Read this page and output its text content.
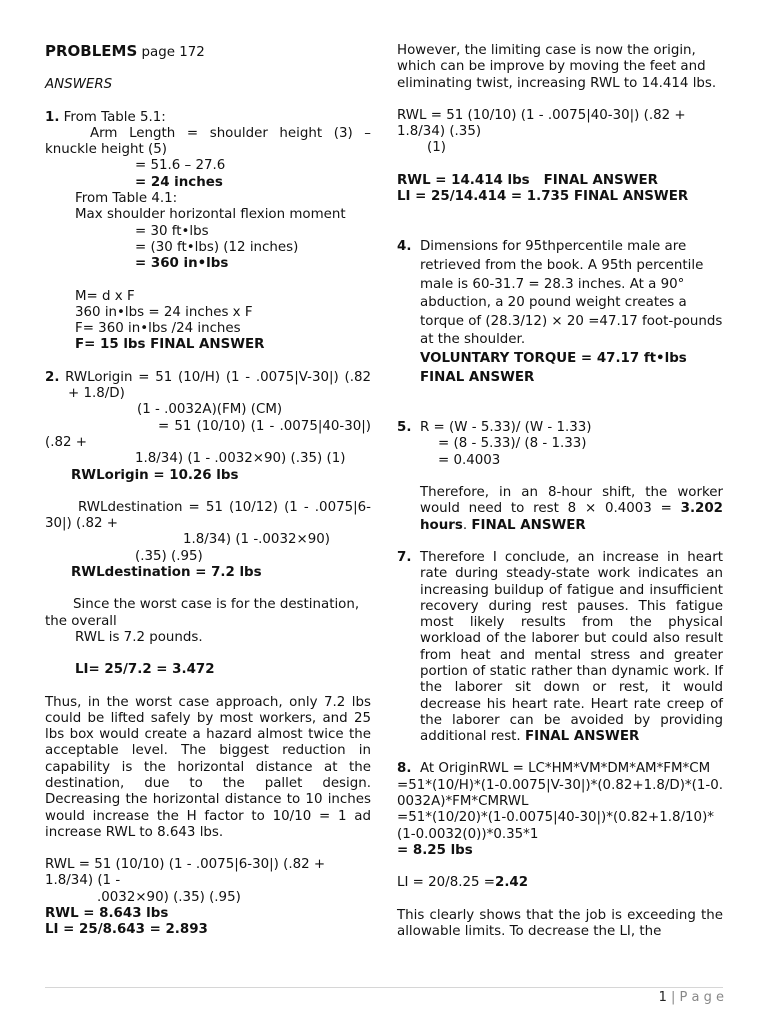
PROBLEMS page 172

ANSWERS

1. From Table 5.1:

Arm Length = shoulder height (3) – knuckle height (5)

= 51.6 – 27.6

= 24 inches

From Table 4.1:

Max shoulder horizontal flexion moment

= 30 ft•lbs

= (30 ft•lbs) (12 inches)

= 360 in•lbs

M= d x F

360 in•lbs = 24 inches x F

F= 360 in•lbs /24 inches

F= 15 lbs FINAL ANSWER

2. RWLorigin = 51 (10/H) (1 - .0075|V-30|) (.82 + 1.8/D)

(1 - .0032A)(FM) (CM)

= 51 (10/10) (1 - .0075|40-30|) (.82 +

1.8/34) (1 - .0032×90) (.35) (1)

RWLorigin = 10.26 lbs

RWLdestination = 51 (10/12) (1 - .0075|6-30|) (.82 +

1.8/34) (1 -.0032×90)

(.35) (.95)

RWLdestination = 7.2 lbs

Since the worst case is for the destination, the overall

RWL is 7.2 pounds.

LI= 25/7.2 = 3.472

Thus, in the worst case approach, only 7.2 lbs could be lifted safely by most workers, and 25 lbs box would create a hazard almost twice the acceptable level. The biggest reduction in capability is the horizontal distance at the destination, due to the pallet design. Decreasing the horizontal distance to 10 inches would increase the H factor to 10/10 = 1 ad increase RWL to 8.643 lbs.

RWL = 51 (10/10) (1 - .0075|6-30|) (.82 + 1.8/34) (1 -

.0032×90) (.35) (.95)

RWL = 8.643 lbs

LI = 25/8.643 = 2.893

However, the limiting case is now the origin, which can be improve by moving the feet and eliminating twist, increasing RWL to 14.414 lbs.

RWL = 51 (10/10) (1 - .0075|40-30|) (.82 + 1.8/34) (.35)

(1)

RWL = 14.414 lbs   FINAL ANSWER

LI = 25/14.414 = 1.735 FINAL ANSWER

4. Dimensions for 95thpercentile male are retrieved from the book. A 95th percentile male is 60-31.7 = 28.3 inches. At a 90° abduction, a 20 pound weight creates a torque of (28.3/12) × 20 =47.17 foot-pounds at the shoulder.

VOLUNTARY TORQUE = 47.17 ft•lbs FINAL ANSWER

5. R = (W - 5.33)/ (W - 1.33)

= (8 - 5.33)/ (8 - 1.33)

= 0.4003

Therefore, in an 8-hour shift, the worker would need to rest 8 × 0.4003 = 3.202 hours. FINAL ANSWER

7. Therefore I conclude, an increase in heart rate during steady-state work indicates an increasing buildup of fatigue and insufficient recovery during rest pauses. This fatigue most likely results from the physical workload of the laborer but could also result from heat and mental stress and greater portion of static rather than dynamic work. If the laborer sit down or rest, it would decrease his heart rate. Heart rate creep of the laborer can be avoided by providing additional rest. FINAL ANSWER

8. At OriginRWL = LC*HM*VM*DM*AM*FM*CM

=51*(10/H)*(1-0.0075|V-30|)*(0.82+1.8/D)*(1-0.0032A)*FM*CMRWL

=51*(10/20)*(1-0.0075|40-30|)*(0.82+1.8/10)*(1-0.0032(0))*0.35*1

= 8.25 lbs

LI = 20/8.25 =2.42

This clearly shows that the job is exceeding the allowable limits. To decrease the LI, the

1 | P a g e
